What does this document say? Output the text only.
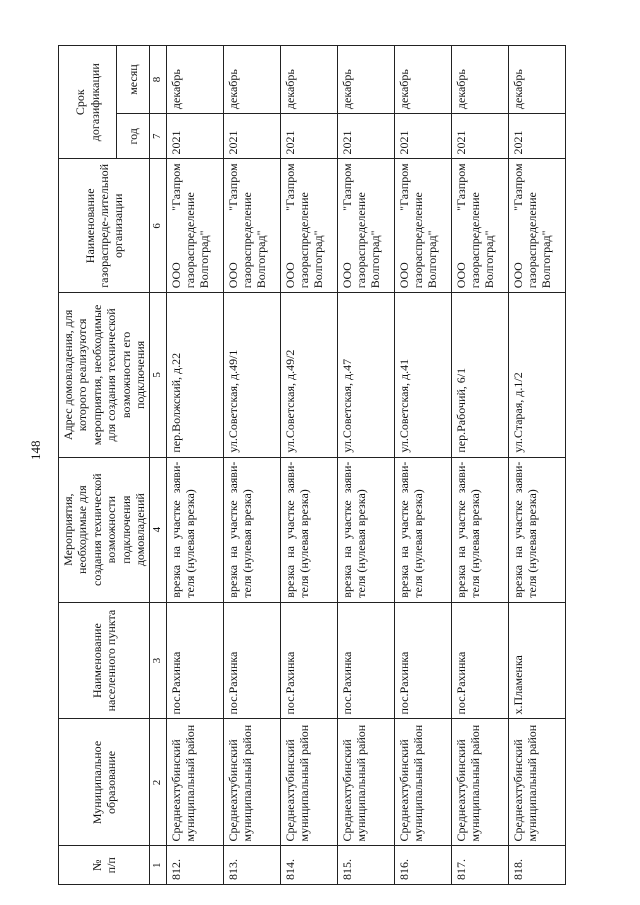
148
№
п/п	Муниципальное образование	Наименование населенного пункта	Мероприятия, необходимые для создания технической возможности подключения домовладений	Адрес домовладения, для которого реализуются мероприятия, необходимые для создания технической возможности его подключения	Наименование газораспреде-лительной организации	Срок догазификации	
						год	месяц
1	2	3	4	5	6	7	8
812.	Среднеахтубинский муниципальный район	пос.Рахинка	врезка на участке заяви-теля (нулевая врезка)	пер.Волжский, д.22	ООО "Газпром газораспределение Волгоград"	2021	декабрь
813.	Среднеахтубинский муниципальный район	пос.Рахинка	врезка на участке заяви-теля (нулевая врезка)	ул.Советская, д.49/1	ООО "Газпром газораспределение Волгоград"	2021	декабрь
814.	Среднеахтубинский муниципальный район	пос.Рахинка	врезка на участке заяви-теля (нулевая врезка)	ул.Советская, д.49/2	ООО "Газпром газораспределение Волгоград"	2021	декабрь
815.	Среднеахтубинский муниципальный район	пос.Рахинка	врезка на участке заяви-теля (нулевая врезка)	ул.Советская, д.47	ООО "Газпром газораспределение Волгоград"	2021	декабрь
816.	Среднеахтубинский муниципальный район	пос.Рахинка	врезка на участке заяви-теля (нулевая врезка)	ул.Советская, д.41	ООО "Газпром газораспределение Волгоград"	2021	декабрь
817.	Среднеахтубинский муниципальный район	пос.Рахинка	врезка на участке заяви-теля (нулевая врезка)	пер.Рабочий, 6/1	ООО "Газпром газораспределение Волгоград"	2021	декабрь
818.	Среднеахтубинский муниципальный район	х.Пламенка	врезка на участке заяви-теля (нулевая врезка)	ул.Старая, д.1/2	ООО "Газпром газораспределение Волгоград"	2021	декабрь
